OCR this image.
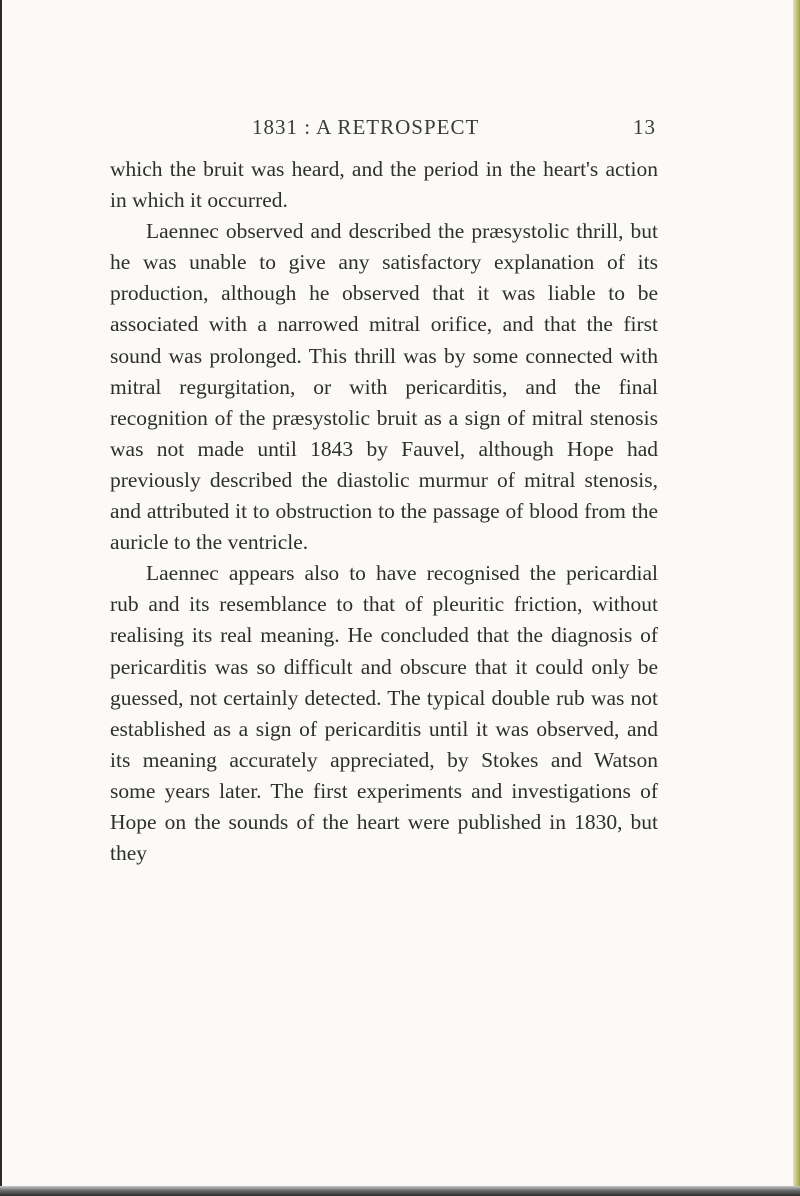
1831 : A RETROSPECT	13

which the bruit was heard, and the period in the heart's action in which it occurred.

Laennec observed and described the præsystolic thrill, but he was unable to give any satisfactory explanation of its production, although he observed that it was liable to be associated with a narrowed mitral orifice, and that the first sound was prolonged. This thrill was by some connected with mitral regurgitation, or with pericarditis, and the final recognition of the præsystolic bruit as a sign of mitral stenosis was not made until 1843 by Fauvel, although Hope had previously described the diastolic murmur of mitral stenosis, and attributed it to obstruction to the passage of blood from the auricle to the ventricle.

Laennec appears also to have recognised the pericardial rub and its resemblance to that of pleuritic friction, without realising its real meaning. He concluded that the diagnosis of pericarditis was so difficult and obscure that it could only be guessed, not certainly detected. The typical double rub was not established as a sign of pericarditis until it was observed, and its meaning accurately appreciated, by Stokes and Watson some years later. The first experiments and investigations of Hope on the sounds of the heart were published in 1830, but they
